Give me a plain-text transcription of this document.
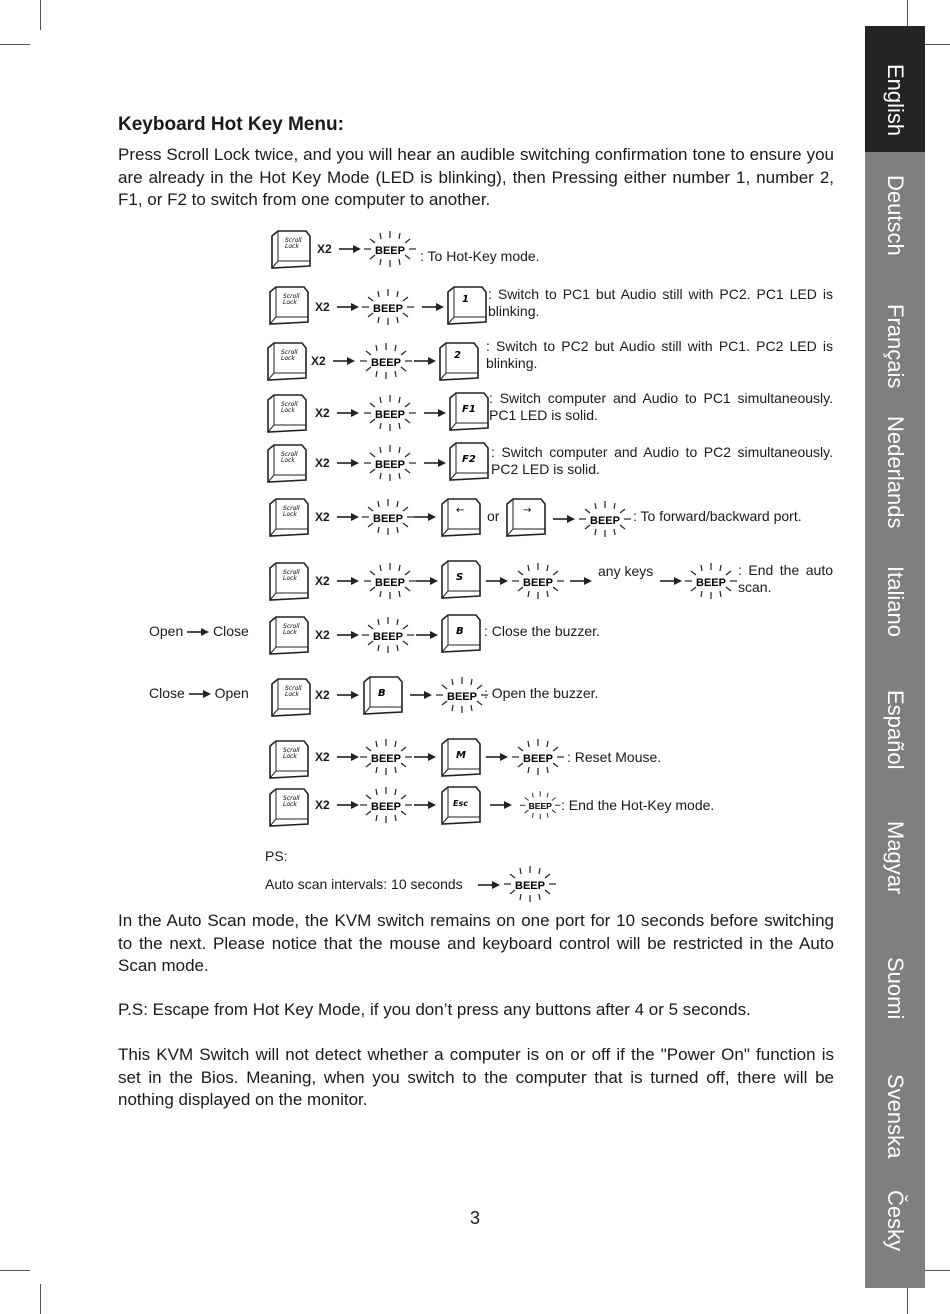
English
Deutsch
Français
Nederlands
Italiano
Español
Magyar
Suomi
Svenska
Česky
Keyboard Hot Key Menu:

Press Scroll Lock twice, and you will hear an audible switching confirmation tone to ensure you are already in the Hot Key Mode (LED is blinking), then Pressing either number 1, number 2, F1, or F2 to switch from one computer to another.

Scroll
Lock X2	BEEP : To Hot-Key mode.
Scroll
Lock X2	BEEP
1 : Switch to PC1 but Audio still with PC2. PC1 LED is blinking.
Scroll
Lock X2	BEEP
2
: Switch to PC2 but Audio still with PC1. PC2 LED is blinking.
Scroll
Lock X2	BEEP	F1
: Switch computer and Audio to PC1 simultaneously. PC1 LED is solid.
Scroll
Lock X2	BEEP	F2 : Switch computer and Audio to PC2 simultaneously. PC2 LED is solid.
Scroll
Lock X2	BEEP
← or →
BEEP : To forward/backward port.
Scroll
Lock X2	BEEP	S	BEEP
any keys
BEEP
: End the auto scan.
Open Close	Scroll
Lock X2	BEEP	B : Close the buzzer.
Close Open	Scroll
Lock X2	B	BEEP : Open the buzzer.
Scroll
Lock X2	BEEP	M	BEEP : Reset Mouse.
Scroll
Lock X2	BEEP	Esc	BEEP : End the Hot-Key mode.
PS:
Auto scan intervals: 10 seconds	BEEP

In the Auto Scan mode, the KVM switch remains on one port for 10 seconds before switching to the next. Please notice that the mouse and keyboard control will be restricted in the Auto Scan mode.

P.S: Escape from Hot Key Mode, if you don’t press any buttons after 4 or 5 seconds.

This KVM Switch will not detect whether a computer is on or off if the "Power On" function is set in the Bios. Meaning, when you switch to the computer that is turned off, there will be nothing displayed on the monitor.

3
